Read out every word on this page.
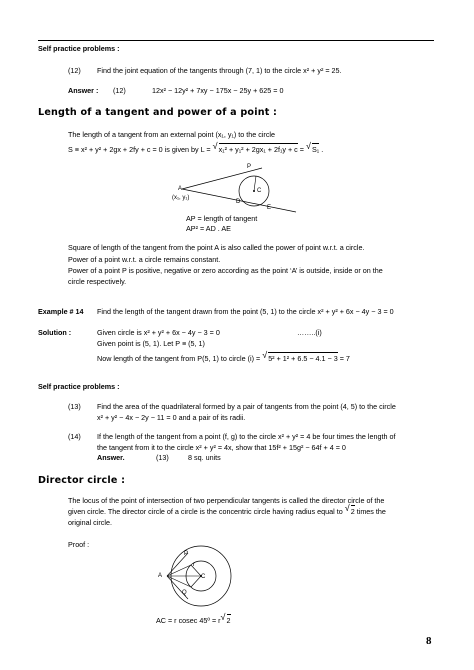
Self practice problems :
(12) Find the joint equation of the tangents through (7, 1) to the circle x² + y² = 25.
Answer : (12)	12x² − 12y² + 7xy − 175x − 25y + 625 = 0
Length of a tangent and power of a point :
The length of a tangent from an external point (x₁, y₁) to the circle
S ≡ x² + y² + 2gx + 2fy + c = 0 is given by L = √ x₁² + y₁² + 2gx₁ + 2f₁y + c = √ S₁ .
A
(x₁, y₁)
P
C
D
E
AP = length of tangent
AP² = AD . AE
Square of length of the tangent from the point A is also called the power of point w.r.t. a circle.
Power of a point w.r.t. a circle remains constant.
Power of a point P is positive, negative or zero according as the point ‘A’ is outside, inside or on the
circle respectively.
Example # 14 Find the length of the tangent drawn from the point (5, 1) to the circle x² + y² + 6x − 4y − 3 = 0
Solution :	Given circle is x² + y² + 6x − 4y − 3 = 0	……..(i)
Given point is (5, 1). Let P ≡ (5, 1)
Now length of the tangent from P(5, 1) to circle (i) = √ 5² + 1² + 6.5 − 4.1 − 3 = 7
Self practice problems :
(13) Find the area of the quadrilateral formed by a pair of tangents from the point (4, 5) to the circle
x² + y² − 4x − 2y − 11 = 0 and a pair of its radii.
(14) If the length of the tangent from a point (f, g) to the circle x² + y² = 4 be four times the length of
the tangent from it to the circle x² + y² = 4x, show that 15f² + 15g² − 64f + 4 = 0
Answer.	(13)	8 sq. units
Director circle :
The locus of the point of intersection of two perpendicular tangents is called the director circle of the
given circle. The director circle of a circle is the concentric circle having radius equal to √ 2 times the
original circle.
Proof :
P
r
A	C
Q
AC = r cosec 45º = r √ 2
8
